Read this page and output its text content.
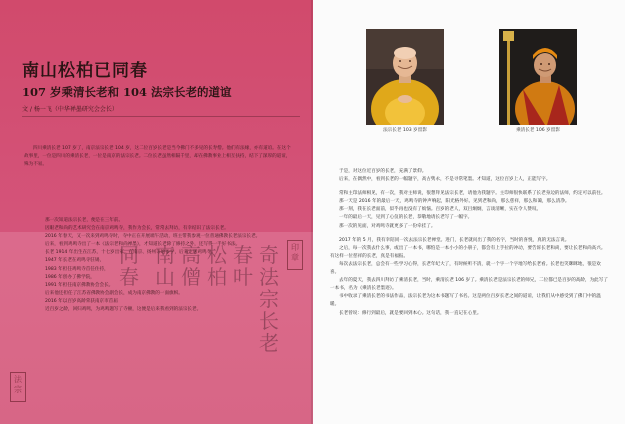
南山松柏已同春
107 岁乘清长老和 104 法宗长老的道谊

文 / 杨一飞（中华禅墨研究会会长）

四川乘清长老 107 岁了，南京法宗长老 104 岁，这二位百岁长老是当今佛门不多见的长寿僧。他们有法缘，亦有道谊。在这个故事里，一位是四川的乘清长老，一位是南京的法宗长老。二位长老虽然相隔千里，却在佛教事业上相互扶持，结下了深厚的道谊，殊为不易。

奇法宗长老
春叶
松柏
高僧
南山
同春
印章
法宗

那一次知道法宗长老，便是在三年前。

因眼老和尚的艺术研究会在南京鸡鸣寺，我作为会长，常常去拜访，有幸结识了法宗长老。

2016 年春天，又一次来到鸡鸣寺时，寺中正在开展端午活动，班主带我参观一位普通佛教长老法宗长老。

后来，看到鸡鸣寺出了一本《法宗老和尚禅墨》，才知道长老除了修持之外，还写得一手好书法。

长老 1914 年出生在江苏，十七岁出家，在南京、扬州等地参学，后来定居鸡鸣寺。

1947 年长老在鸡鸣寺驻锡，

1983 年担任鸡鸣寺首任住持，

1986 年创办了佛学院，

1991 年担任南京佛教协会会长。

后来他还担任了江苏省佛教协会副会长，成为南京佛教的一面旗帜。

2016 年以百岁高龄荣获南京市首届

近百岁之龄，回归鸡鸣，为鸡鸣题写了寺额，这便是后来我看到的法宗长老。

法宗长老 103 岁留影	乘清长老 106 岁留影

于是，对这位近百岁的长老，充满了景仰。

后来，在偶然中，看到长老的一幅题字，高古隽永，不是寻常笔墨。才知道，这位百岁上人，正能写字。

常和主印法师相见，有一次，我对主师说，很想拜见法宗长老，请他为我题字。主印师很快联系了长老身边的法师，约定可以前往。

那一天是 2016 年的最后一天，鸡鸣寺的钟声响起，阳光格外好。见到老和尚，那么慈祥，那么和蔼，那么清净。

那一刻，我在长老面前，似乎再也没有了烦恼。百岁的老人，双目炯炯，言谈清晰，实在令人赞叹。

一年的最后一天，见到了心仪的长老，恭敬地请长老写了一幅字。

那一次的见面，对鸡鸣寺就更多了一份牵挂了。

2017 年的 5 月，我有幸陪同一次去法宗长老禅堂。进门，长老就问出了我的名字，当时的喜悦，真的无法言说。

之后，每一次我去什么事，或出了一本书，哪怕是一本小小的小册子，都会有上手拉的冲动，要告诉长老和尚，要让长老和尚高兴。有这样一位慈祥的长老，真是有福报。

每次去法宗长老，总会有一些学习心得，长老年纪大了，有时候听不清，就一个字一个字地写给长老看。长老也笑眯眯地，很是欢喜。

去年的夏天，我去四川拜访了乘清长老，当时，乘清长老 106 岁了。乘清长老是法宗长老的师兄，二位都已是百岁的高龄，为此写了一本书，名为《乘清长老墨迹》。

书中收录了乘清长老的书法作品，法宗长老为这本书题写了书名。这是两位百岁长老之间的道谊，让我们从中感受到了佛门中的温暖。

长老曾说：修行到最后，就是要回到本心。这句话，我一直记在心里。
